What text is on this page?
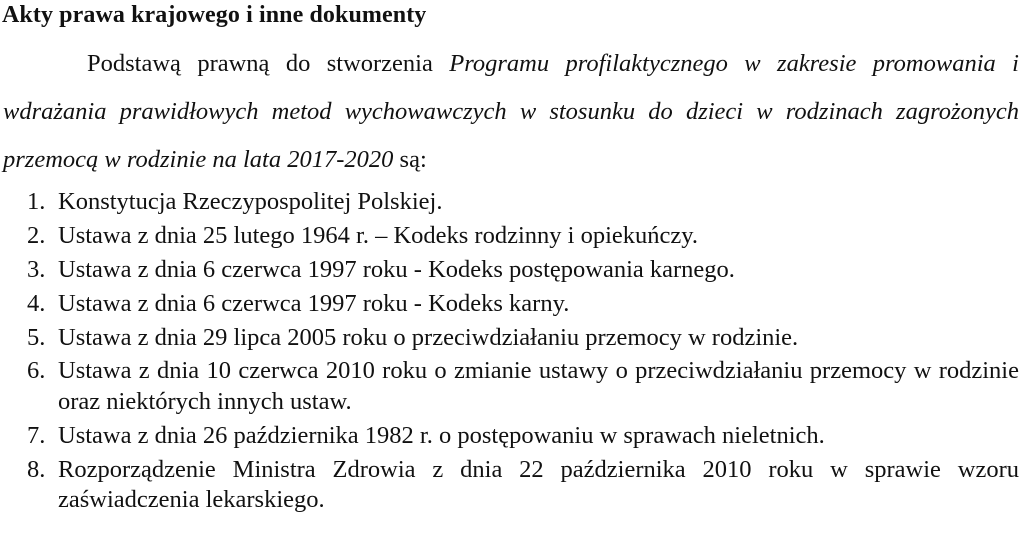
Akty prawa krajowego i inne dokumenty

Podstawą prawną do stworzenia Programu profilaktycznego w zakresie promowania i wdrażania prawidłowych metod wychowawczych w stosunku do dzieci w rodzinach zagrożonych przemocą w rodzinie na lata 2017-2020 są:

1. Konstytucja Rzeczypospolitej Polskiej.
2. Ustawa z dnia 25 lutego 1964 r. – Kodeks rodzinny i opiekuńczy.
3. Ustawa z dnia 6 czerwca 1997 roku - Kodeks postępowania karnego.
4. Ustawa z dnia 6 czerwca 1997 roku - Kodeks karny.
5. Ustawa z dnia 29 lipca 2005 roku o przeciwdziałaniu przemocy w rodzinie.
6. Ustawa z dnia 10 czerwca 2010 roku o zmianie ustawy o przeciwdziałaniu przemocy w rodzinie oraz niektórych innych ustaw.
7. Ustawa z dnia 26 października 1982 r. o postępowaniu w sprawach nieletnich.
8. Rozporządzenie Ministra Zdrowia z dnia 22 października 2010 roku w sprawie wzoru zaświadczenia lekarskiego.
